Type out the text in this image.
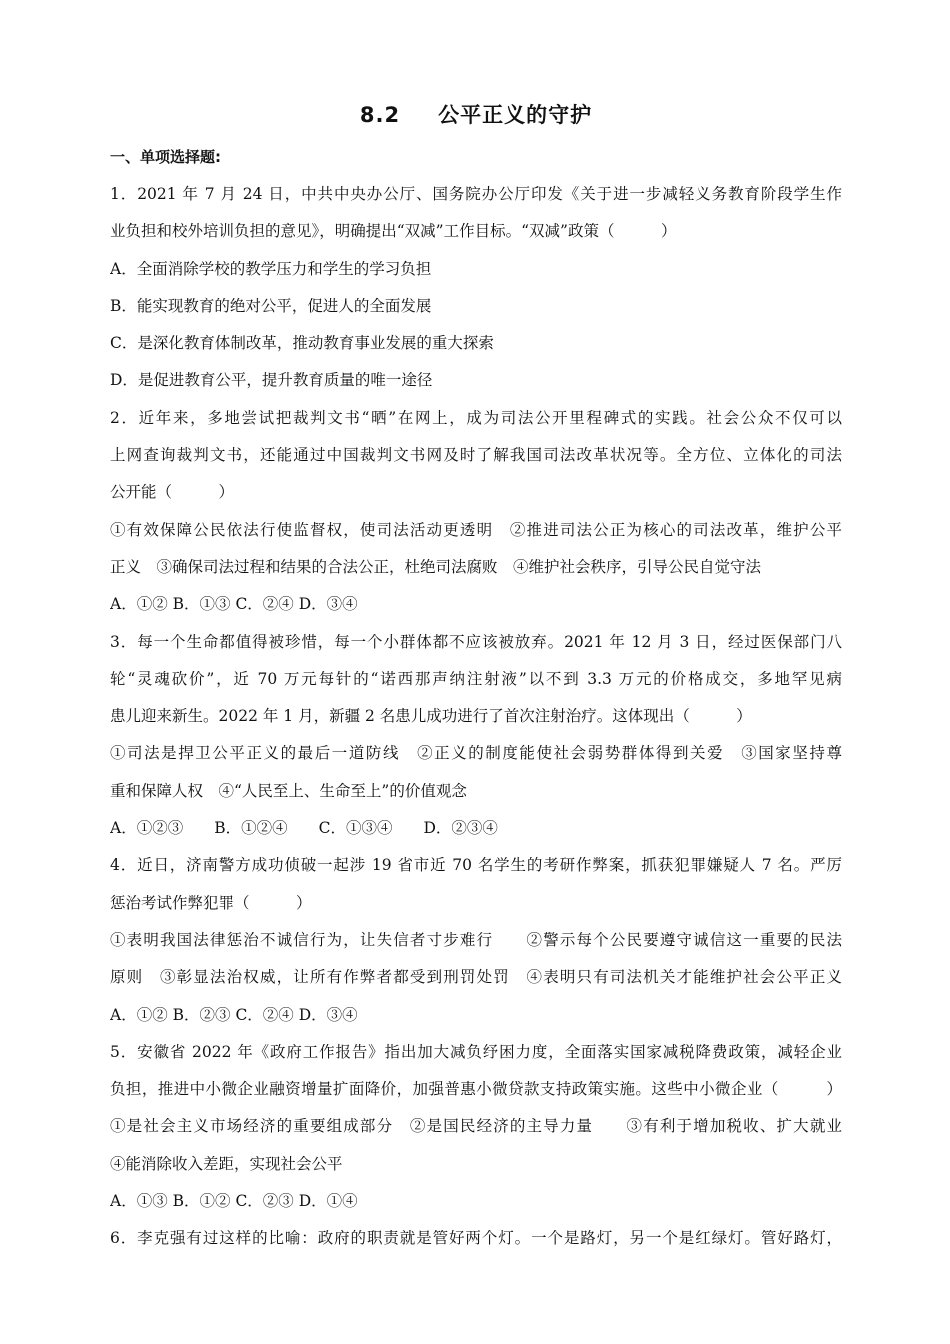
8.2 公平正义的守护
一、单项选择题:
1．2021 年 7 月 24 日，中共中央办公厅、国务院办公厅印发《关于进一步减轻义务教育阶段学生作
业负担和校外培训负担的意见》，明确提出“双减”工作目标。“双减”政策（　　　）
A．全面消除学校的教学压力和学生的学习负担
B．能实现教育的绝对公平，促进人的全面发展
C．是深化教育体制改革，推动教育事业发展的重大探索
D．是促进教育公平，提升教育质量的唯一途径
2．近年来，多地尝试把裁判文书“晒”在网上，成为司法公开里程碑式的实践。社会公众不仅可以
上网查询裁判文书，还能通过中国裁判文书网及时了解我国司法改革状况等。全方位、立体化的司法
公开能（　　　）
①有效保障公民依法行使监督权，使司法活动更透明　②推进司法公正为核心的司法改革，维护公平
正义　③确保司法过程和结果的合法公正，杜绝司法腐败　④维护社会秩序，引导公民自觉守法
A．①② B．①③ C．②④ D．③④
3．每一个生命都值得被珍惜，每一个小群体都不应该被放弃。2021 年 12 月 3 日，经过医保部门八
轮“灵魂砍价”，近 70 万元每针的“诺西那声纳注射液”以不到 3.3 万元的价格成交，多地罕见病
患儿迎来新生。2022 年 1 月，新疆 2 名患儿成功进行了首次注射治疗。这体现出（　　　）
①司法是捍卫公平正义的最后一道防线　②正义的制度能使社会弱势群体得到关爱　③国家坚持尊
重和保障人权　④“人民至上、生命至上”的价值观念
A．①②③　　B．①②④　　C．①③④　　D．②③④
4．近日，济南警方成功侦破一起涉 19 省市近 70 名学生的考研作弊案，抓获犯罪嫌疑人 7 名。严厉
惩治考试作弊犯罪（　　　）
①表明我国法律惩治不诚信行为，让失信者寸步难行　　②警示每个公民要遵守诚信这一重要的民法
原则　③彰显法治权威，让所有作弊者都受到刑罚处罚　④表明只有司法机关才能维护社会公平正义
A．①② B．②③ C．②④ D．③④
5．安徽省 2022 年《政府工作报告》指出加大减负纾困力度，全面落实国家减税降费政策，减轻企业
负担，推进中小微企业融资增量扩面降价，加强普惠小微贷款支持政策实施。这些中小微企业（　　　）
①是社会主义市场经济的重要组成部分　②是国民经济的主导力量　　③有利于增加税收、扩大就业
④能消除收入差距，实现社会公平
A．①③ B．①② C．②③ D．①④
6．李克强有过这样的比喻：政府的职责就是管好两个灯。一个是路灯，另一个是红绿灯。管好路灯，
